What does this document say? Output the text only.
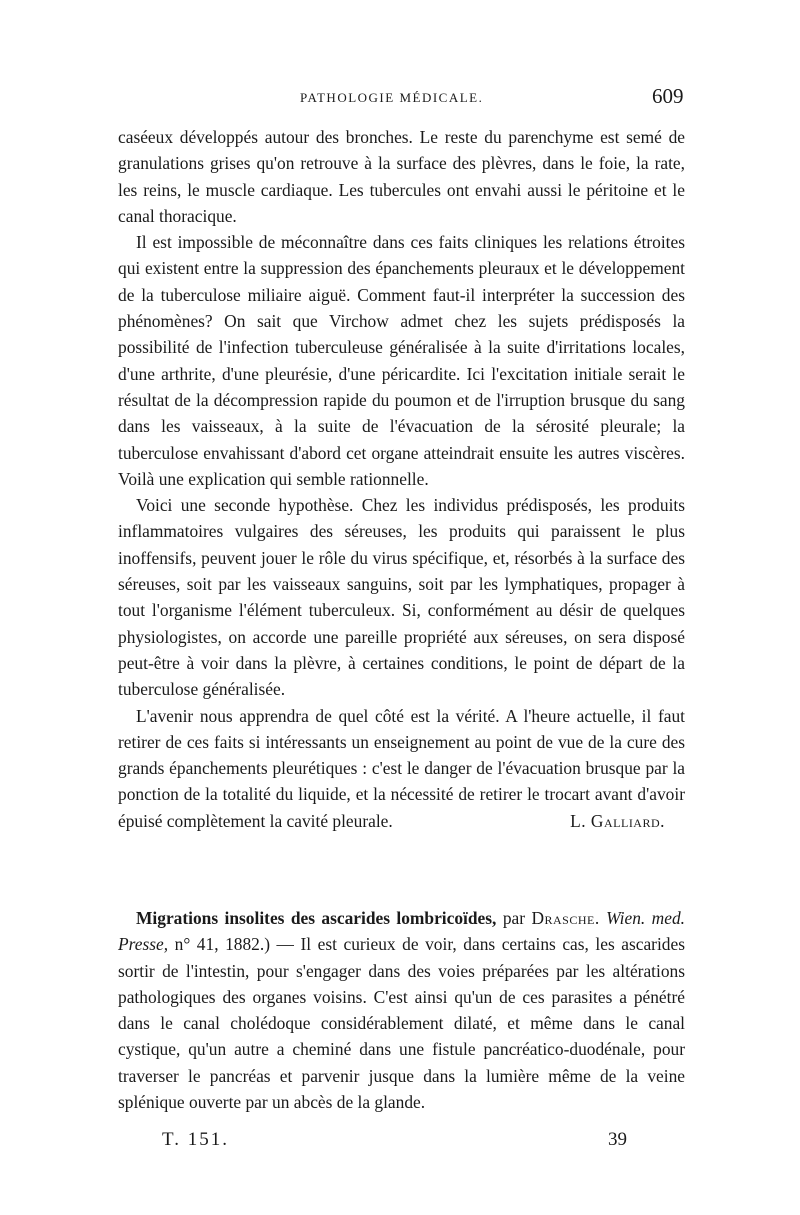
PATHOLOGIE MÉDICALE.	609

caséeux développés autour des bronches. Le reste du parenchyme est semé de granulations grises qu'on retrouve à la surface des plèvres, dans le foie, la rate, les reins, le muscle cardiaque. Les tubercules ont envahi aussi le péritoine et le canal thoracique.

Il est impossible de méconnaître dans ces faits cliniques les relations étroites qui existent entre la suppression des épanchements pleuraux et le développement de la tuberculose miliaire aiguë. Comment faut-il interpréter la succession des phénomènes? On sait que Virchow admet chez les sujets prédisposés la possibilité de l'infection tuberculeuse généralisée à la suite d'irritations locales, d'une arthrite, d'une pleurésie, d'une péricardite. Ici l'excitation initiale serait le résultat de la décompression rapide du poumon et de l'irruption brusque du sang dans les vaisseaux, à la suite de l'évacuation de la sérosité pleurale; la tuberculose envahissant d'abord cet organe atteindrait ensuite les autres viscères. Voilà une explication qui semble rationnelle.

Voici une seconde hypothèse. Chez les individus prédisposés, les produits inflammatoires vulgaires des séreuses, les produits qui paraissent le plus inoffensifs, peuvent jouer le rôle du virus spécifique, et, résorbés à la surface des séreuses, soit par les vaisseaux sanguins, soit par les lymphatiques, propager à tout l'organisme l'élément tuberculeux. Si, conformément au désir de quelques physiologistes, on accorde une pareille propriété aux séreuses, on sera disposé peut-être à voir dans la plèvre, à certaines conditions, le point de départ de la tuberculose généralisée.

L'avenir nous apprendra de quel côté est la vérité. A l'heure actuelle, il faut retirer de ces faits si intéressants un enseignement au point de vue de la cure des grands épanchements pleurétiques : c'est le danger de l'évacuation brusque par la ponction de la totalité du liquide, et la nécessité de retirer le trocart avant d'avoir épuisé complètement la cavité pleurale.	L. Galliard.

Migrations insolites des ascarides lombricoïdes, par Drasche. Wien. med. Presse, n° 41, 1882.) — Il est curieux de voir, dans certains cas, les ascarides sortir de l'intestin, pour s'engager dans des voies préparées par les altérations pathologiques des organes voisins. C'est ainsi qu'un de ces parasites a pénétré dans le canal cholédoque considérablement dilaté, et même dans le canal cystique, qu'un autre a cheminé dans une fistule pancréatico-duodénale, pour traverser le pancréas et parvenir jusque dans la lumière même de la veine splénique ouverte par un abcès de la glande.

T. 151.	39
